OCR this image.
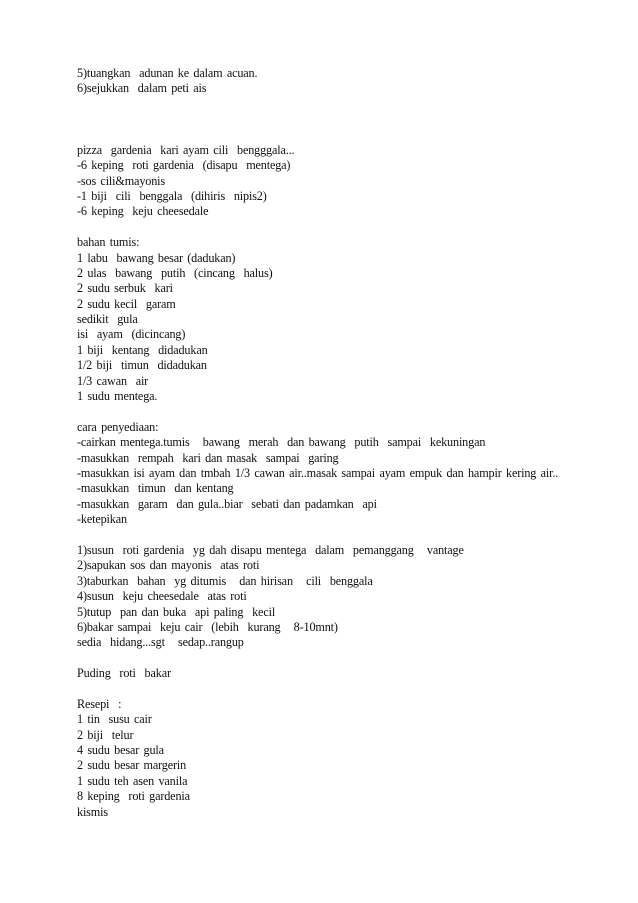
5)tuangkan  adunan ke dalam acuan.
6)sejukkan  dalam peti ais
pizza  gardenia  kari ayam cili  bengggala...
-6 keping  roti gardenia  (disapu  mentega)
-sos cili&mayonis
-1 biji  cili  benggala  (dihiris  nipis2)
-6 keping  keju cheesedale
bahan tumis:
1 labu  bawang besar (dadukan)
2 ulas  bawang  putih  (cincang  halus)
2 sudu serbuk  kari
2 sudu kecil  garam
sedikit  gula
isi  ayam  (dicincang)
1 biji  kentang  didadukan
1/2 biji  timun  didadukan
1/3 cawan  air
1 sudu mentega.
cara penyediaan:
-cairkan mentega.tumis   bawang  merah  dan bawang  putih  sampai  kekuningan
-masukkan  rempah  kari dan masak  sampai  garing
-masukkan isi ayam dan tmbah 1/3 cawan air..masak sampai ayam empuk dan hampir kering air..
-masukkan  timun  dan kentang
-masukkan  garam  dan gula..biar  sebati dan padamkan  api
-ketepikan
1)susun  roti gardenia  yg dah disapu mentega  dalam  pemanggang   vantage
2)sapukan sos dan mayonis  atas roti
3)taburkan  bahan  yg ditumis   dan hirisan   cili  benggala
4)susun  keju cheesedale  atas roti
5)tutup  pan dan buka  api paling  kecil
6)bakar sampai  keju cair  (lebih  kurang   8-10mnt)
sedia  hidang...sgt   sedap..rangup
Puding  roti  bakar
Resepi  :
1 tin  susu cair
2 biji  telur
4 sudu besar gula
2 sudu besar margerin
1 sudu teh asen vanila
8 keping  roti gardenia
kismis
